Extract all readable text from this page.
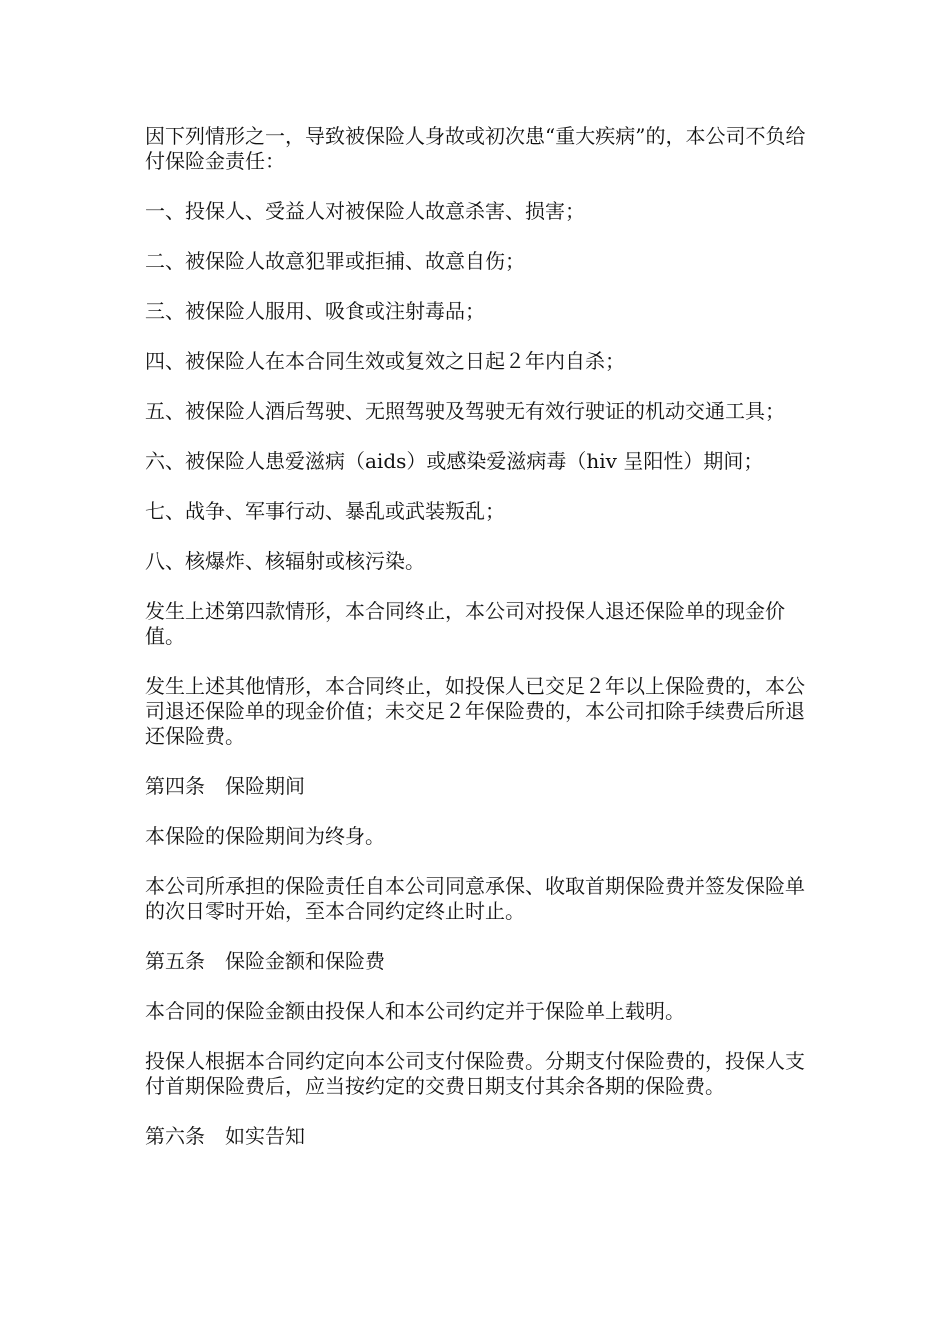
因下列情形之一，导致被保险人身故或初次患“重大疾病”的，本公司不负给付保险金责任：

一、投保人、受益人对被保险人故意杀害、损害；

二、被保险人故意犯罪或拒捕、故意自伤；

三、被保险人服用、吸食或注射毒品；

四、被保险人在本合同生效或复效之日起２年内自杀；

五、被保险人酒后驾驶、无照驾驶及驾驶无有效行驶证的机动交通工具；

六、被保险人患爱滋病（aids）或感染爱滋病毒（hiv 呈阳性）期间；

七、战争、军事行动、暴乱或武装叛乱；

八、核爆炸、核辐射或核污染。

发生上述第四款情形，本合同终止，本公司对投保人退还保险单的现金价值。

发生上述其他情形，本合同终止，如投保人已交足２年以上保险费的，本公司退还保险单的现金价值；未交足２年保险费的，本公司扣除手续费后所退还保险费。

第四条　保险期间

本保险的保险期间为终身。

本公司所承担的保险责任自本公司同意承保、收取首期保险费并签发保险单的次日零时开始，至本合同约定终止时止。

第五条　保险金额和保险费

本合同的保险金额由投保人和本公司约定并于保险单上载明。

投保人根据本合同约定向本公司支付保险费。分期支付保险费的，投保人支付首期保险费后，应当按约定的交费日期支付其余各期的保险费。

第六条　如实告知
